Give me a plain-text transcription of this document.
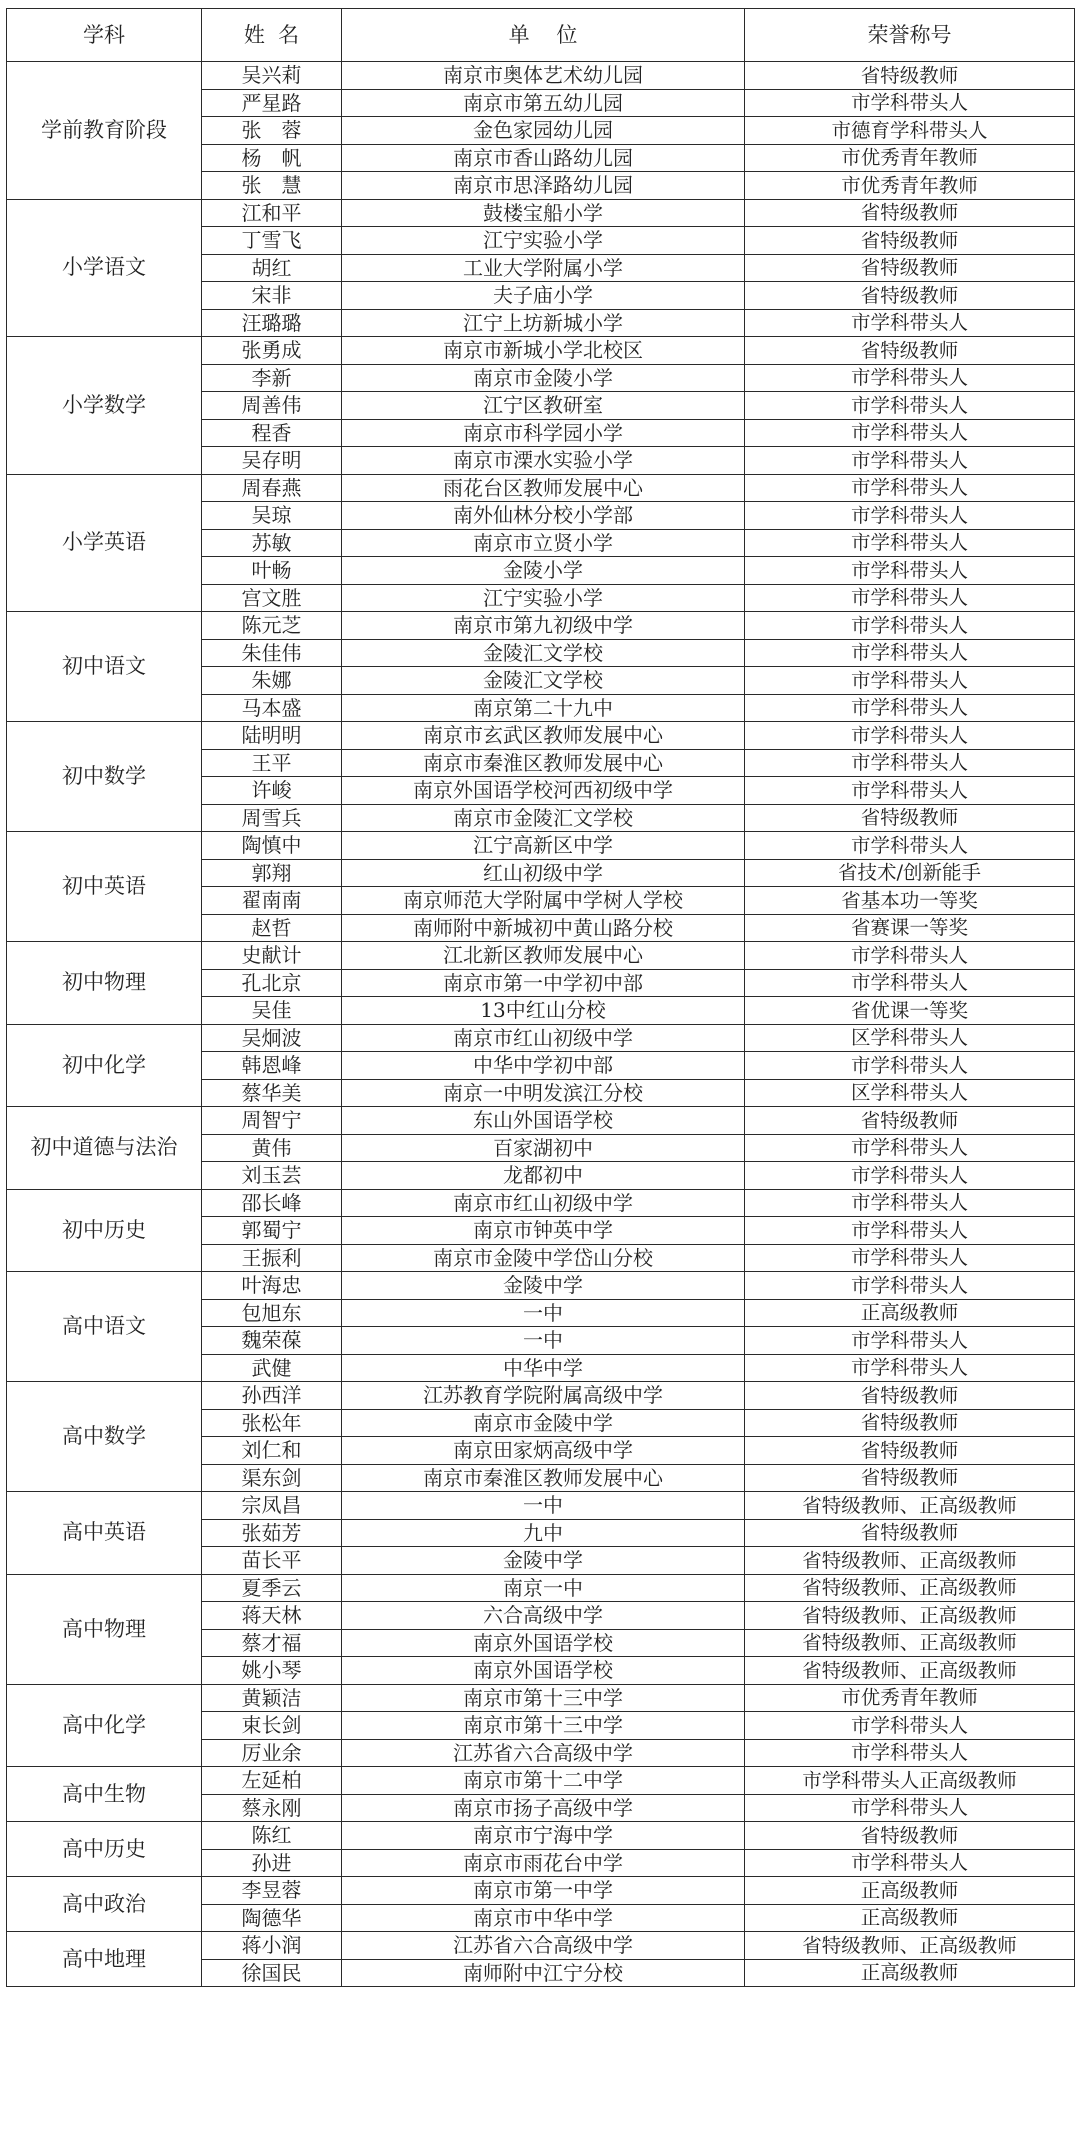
学科	姓  名	单    位	荣誉称号
学前教育阶段	吴兴莉	南京市奥体艺术幼儿园	省特级教师
	严星路	南京市第五幼儿园	市学科带头人
	张　蓉	金色家园幼儿园	市德育学科带头人
	杨　帆	南京市香山路幼儿园	市优秀青年教师
	张　慧	南京市思泽路幼儿园	市优秀青年教师
小学语文	江和平	鼓楼宝船小学	省特级教师
	丁雪飞	江宁实验小学	省特级教师
	胡红	工业大学附属小学	省特级教师
	宋非	夫子庙小学	省特级教师
	汪璐璐	江宁上坊新城小学	市学科带头人
小学数学	张勇成	南京市新城小学北校区	省特级教师
	李新	南京市金陵小学	市学科带头人
	周善伟	江宁区教研室	市学科带头人
	程香	南京市科学园小学	市学科带头人
	吴存明	南京市溧水实验小学	市学科带头人
小学英语	周春燕	雨花台区教师发展中心	市学科带头人
	吴琼	南外仙林分校小学部	市学科带头人
	苏敏	南京市立贤小学	市学科带头人
	叶畅	金陵小学	市学科带头人
	宫文胜	江宁实验小学	市学科带头人
初中语文	陈元芝	南京市第九初级中学	市学科带头人
	朱佳伟	金陵汇文学校	市学科带头人
	朱娜	金陵汇文学校	市学科带头人
	马本盛	南京第二十九中	市学科带头人
初中数学	陆明明	南京市玄武区教师发展中心	市学科带头人
	王平	南京市秦淮区教师发展中心	市学科带头人
	许峻	南京外国语学校河西初级中学	市学科带头人
	周雪兵	南京市金陵汇文学校	省特级教师
初中英语	陶慎中	江宁高新区中学	市学科带头人
	郭翔	红山初级中学	省技术/创新能手
	翟南南	南京师范大学附属中学树人学校	省基本功一等奖
	赵哲	南师附中新城初中黄山路分校	省赛课一等奖
初中物理	史献计	江北新区教师发展中心	市学科带头人
	孔北京	南京市第一中学初中部	市学科带头人
	吴佳	13中红山分校	省优课一等奖
初中化学	吴炯波	南京市红山初级中学	区学科带头人
	韩恩峰	中华中学初中部	市学科带头人
	蔡华美	南京一中明发滨江分校	区学科带头人
初中道德与法治	周智宁	东山外国语学校	省特级教师
	黄伟	百家湖初中	市学科带头人
	刘玉芸	龙都初中	市学科带头人
初中历史	邵长峰	南京市红山初级中学	市学科带头人
	郭蜀宁	南京市钟英中学	市学科带头人
	王振利	南京市金陵中学岱山分校	市学科带头人
高中语文	叶海忠	金陵中学	市学科带头人
	包旭东	一中	正高级教师
	魏荣葆	一中	市学科带头人
	武健	中华中学	市学科带头人
高中数学	孙西洋	江苏教育学院附属高级中学	省特级教师
	张松年	南京市金陵中学	省特级教师
	刘仁和	南京田家炳高级中学	省特级教师
	渠东剑	南京市秦淮区教师发展中心	省特级教师
高中英语	宗凤昌	一中	省特级教师、正高级教师
	张茹芳	九中	省特级教师
	苗长平	金陵中学	省特级教师、正高级教师
高中物理	夏季云	南京一中	省特级教师、正高级教师
	蒋天林	六合高级中学	省特级教师、正高级教师
	蔡才福	南京外国语学校	省特级教师、正高级教师
	姚小琴	南京外国语学校	省特级教师、正高级教师
高中化学	黄颖洁	南京市第十三中学	市优秀青年教师
	束长剑	南京市第十三中学	市学科带头人
	厉业余	江苏省六合高级中学	市学科带头人
高中生物	左延柏	南京市第十二中学	市学科带头人正高级教师
	蔡永刚	南京市扬子高级中学	市学科带头人
高中历史	陈红	南京市宁海中学	省特级教师
	孙进	南京市雨花台中学	市学科带头人
高中政治	李昱蓉	南京市第一中学	正高级教师
	陶德华	南京市中华中学	正高级教师
高中地理	蒋小润	江苏省六合高级中学	省特级教师、正高级教师
	徐国民	南师附中江宁分校	正高级教师
